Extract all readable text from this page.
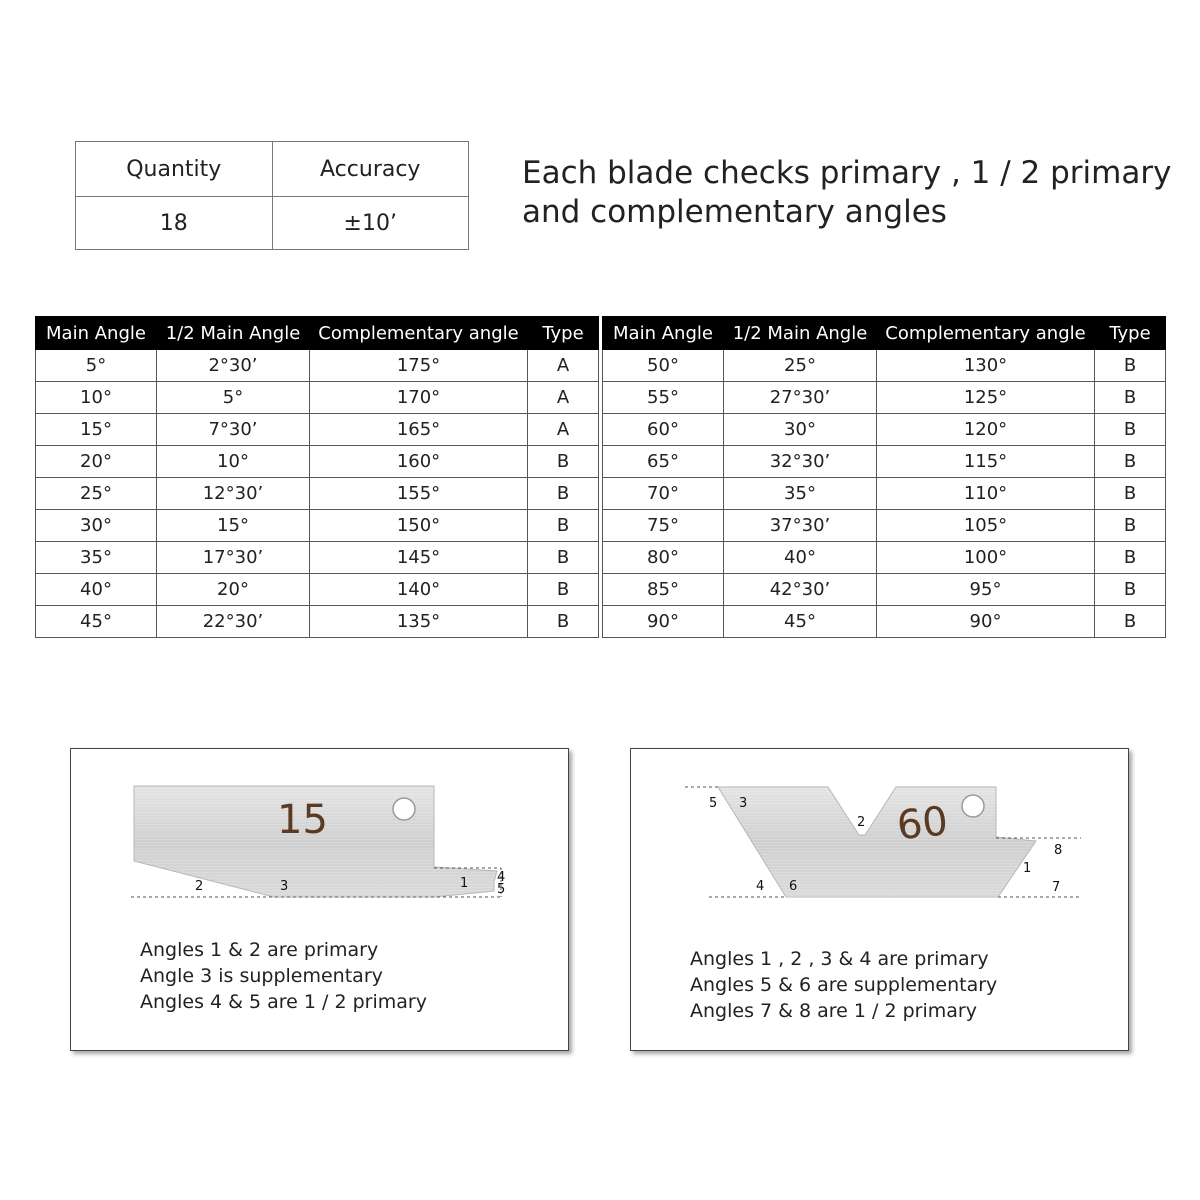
Quantity	Accuracy
18	±10’
Each blade checks primary , 1 / 2 primary
and complementary angles
Main Angle	1/2 Main Angle	Complementary angle	Type
5°	2°30’	175°	A
10°	5°	170°	A
15°	7°30’	165°	A
20°	10°	160°	B
25°	12°30’	155°	B
30°	15°	150°	B
35°	17°30’	145°	B
40°	20°	140°	B
45°	22°30’	135°	B
Main Angle	1/2 Main Angle	Complementary angle	Type
50°	25°	130°	B
55°	27°30’	125°	B
60°	30°	120°	B
65°	32°30’	115°	B
70°	35°	110°	B
75°	37°30’	105°	B
80°	40°	100°	B
85°	42°30’	95°	B
90°	45°	90°	B
15
2	3	1 4
5
Angles 1 & 2 are primary
Angle 3 is supplementary
Angles 4 & 5 are 1 / 2 primary
60
5 3
2
8
1
4 6	7
Angles 1 , 2 , 3 & 4 are primary
Angles 5 & 6 are supplementary
Angles 7 & 8 are 1 / 2 primary
